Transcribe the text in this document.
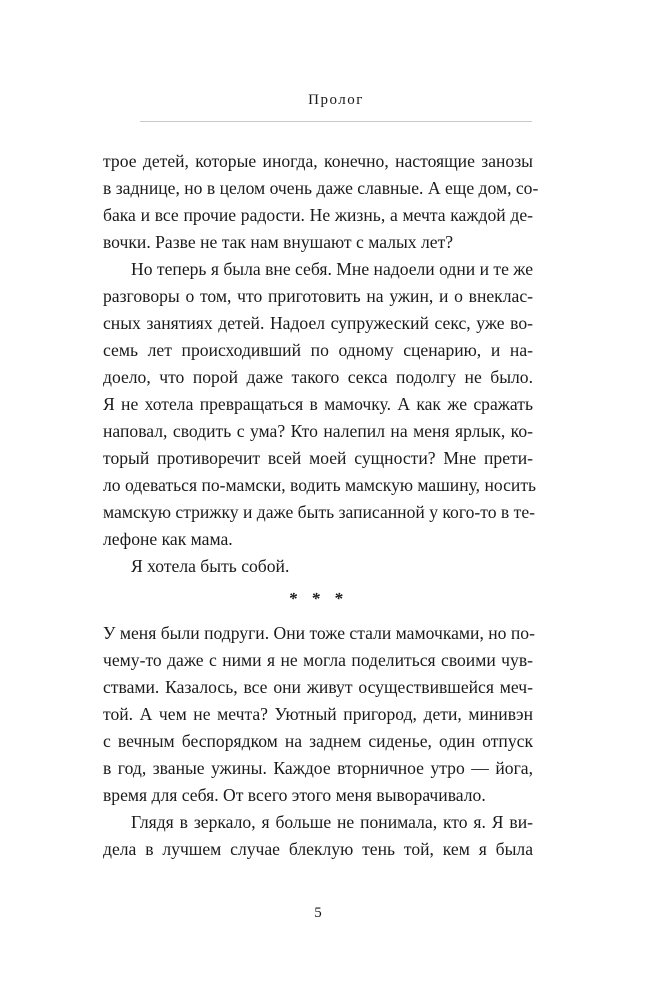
Пролог
трое детей, которые иногда, конечно, настоящие занозы
в заднице, но в целом очень даже славные. А еще дом, со-
бака и все прочие радости. Не жизнь, а мечта каждой де-
вочки. Разве не так нам внушают с малых лет?
Но теперь я была вне себя. Мне надоели одни и те же
разговоры о том, что приготовить на ужин, и о внеклас-
сных занятиях детей. Надоел супружеский секс, уже во-
семь лет происходивший по одному сценарию, и на-
доело, что порой даже такого секса подолгу не было.
Я не хотела превращаться в мамочку. А как же сражать
наповал, сводить с ума? Кто налепил на меня ярлык, ко-
торый противоречит всей моей сущности? Мне прети-
ло одеваться по-мамски, водить мамскую машину, носить
мамскую стрижку и даже быть записанной у кого-то в те-
лефоне как мама.
Я хотела быть собой.
* * *
У меня были подруги. Они тоже стали мамочками, но по-
чему-то даже с ними я не могла поделиться своими чув-
ствами. Казалось, все они живут осуществившейся меч-
той. А чем не мечта? Уютный пригород, дети, минивэн
с вечным беспорядком на заднем сиденье, один отпуск
в год, званые ужины. Каждое вторничное утро — йога,
время для себя. От всего этого меня выворачивало.
Глядя в зеркало, я больше не понимала, кто я. Я ви-
дела в лучшем случае блеклую тень той, кем я была
5
